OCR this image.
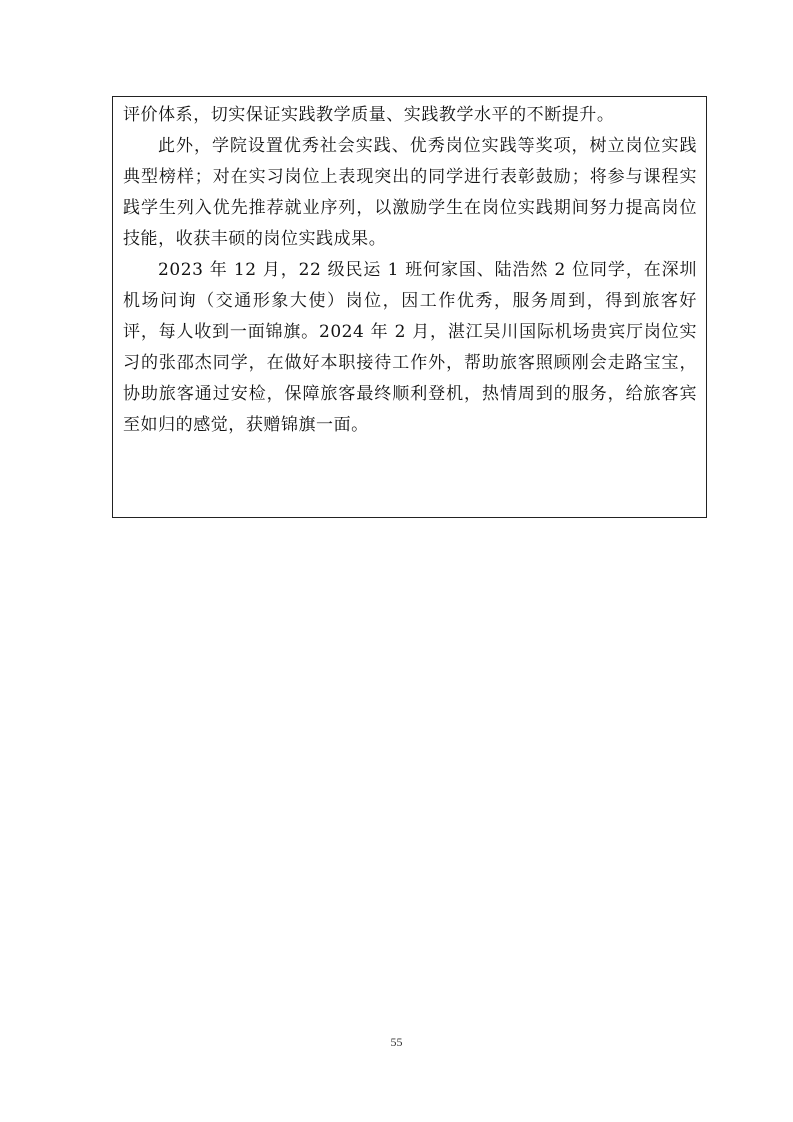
评价体系，切实保证实践教学质量、实践教学水平的不断提升。

此外，学院设置优秀社会实践、优秀岗位实践等奖项，树立岗位实践典型榜样；对在实习岗位上表现突出的同学进行表彰鼓励；将参与课程实践学生列入优先推荐就业序列，以激励学生在岗位实践期间努力提高岗位技能，收获丰硕的岗位实践成果。

2023 年 12 月，22 级民运 1 班何家国、陆浩然 2 位同学，在深圳机场问询（交通形象大使）岗位，因工作优秀，服务周到，得到旅客好评，每人收到一面锦旗。2024 年 2 月，湛江吴川国际机场贵宾厅岗位实习的张邵杰同学，在做好本职接待工作外，帮助旅客照顾刚会走路宝宝，协助旅客通过安检，保障旅客最终顺利登机，热情周到的服务，给旅客宾至如归的感觉，获赠锦旗一面。

55
